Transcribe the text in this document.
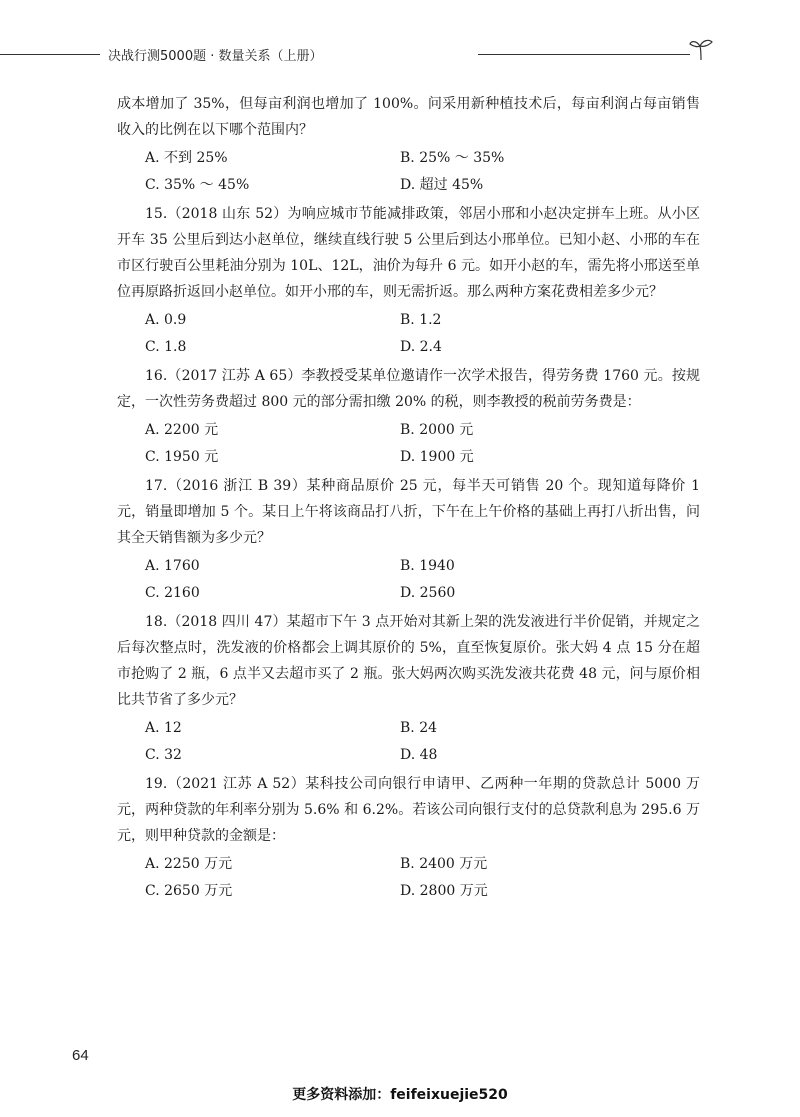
决战行测5000题 · 数量关系（上册）

成本增加了 35%，但每亩利润也增加了 100%。问采用新种植技术后，每亩利润占每亩销售收入的比例在以下哪个范围内？

A. 不到 25%	B. 25% ～ 35%
C. 35% ～ 45%	D. 超过 45%

15.（2018 山东 52）为响应城市节能减排政策，邻居小邢和小赵决定拼车上班。从小区开车 35 公里后到达小赵单位，继续直线行驶 5 公里后到达小邢单位。已知小赵、小邢的车在市区行驶百公里耗油分别为 10L、12L，油价为每升 6 元。如开小赵的车，需先将小邢送至单位再原路折返回小赵单位。如开小邢的车，则无需折返。那么两种方案花费相差多少元？

A. 0.9	B. 1.2
C. 1.8	D. 2.4

16.（2017 江苏 A 65）李教授受某单位邀请作一次学术报告，得劳务费 1760 元。按规定，一次性劳务费超过 800 元的部分需扣缴 20% 的税，则李教授的税前劳务费是：

A. 2200 元	B. 2000 元
C. 1950 元	D. 1900 元

17.（2016 浙江 B 39）某种商品原价 25 元，每半天可销售 20 个。现知道每降价 1 元，销量即增加 5 个。某日上午将该商品打八折，下午在上午价格的基础上再打八折出售，问其全天销售额为多少元？

A. 1760	B. 1940
C. 2160	D. 2560

18.（2018 四川 47）某超市下午 3 点开始对其新上架的洗发液进行半价促销，并规定之后每次整点时，洗发液的价格都会上调其原价的 5%，直至恢复原价。张大妈 4 点 15 分在超市抢购了 2 瓶，6 点半又去超市买了 2 瓶。张大妈两次购买洗发液共花费 48 元，问与原价相比共节省了多少元？

A. 12	B. 24
C. 32	D. 48

19.（2021 江苏 A 52）某科技公司向银行申请甲、乙两种一年期的贷款总计 5000 万元，两种贷款的年利率分别为 5.6% 和 6.2%。若该公司向银行支付的总贷款利息为 295.6 万元，则甲种贷款的金额是：

A. 2250 万元	B. 2400 万元
C. 2650 万元	D. 2800 万元
64
更多资料添加：feifeixuejie520
